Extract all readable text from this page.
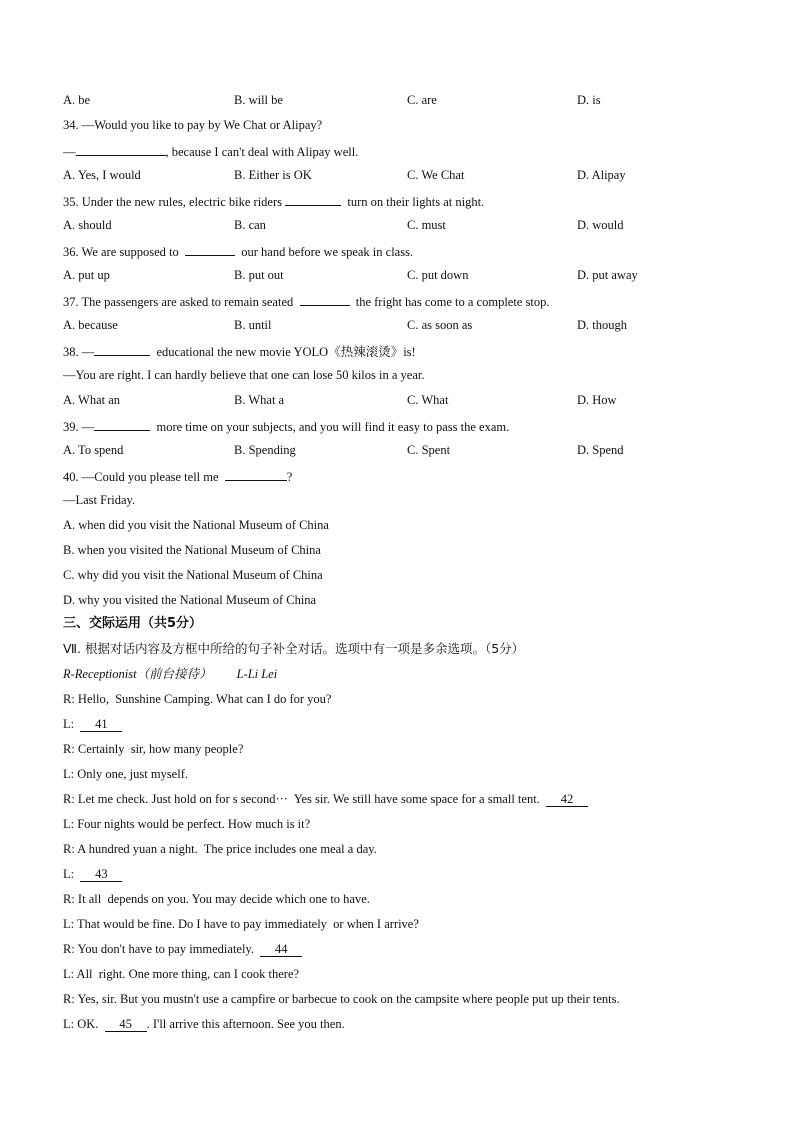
A. be	B. will be	C. are	D. is
34. —Would you like to pay by We Chat or Alipay?
—	, because I can't deal with Alipay well.
A. Yes, I would	B. Either is OK	C. We Chat	D. Alipay
35. Under the new rules, electric bike riders	turn on their lights at night.
A. should	B. can	C. must	D. would
36. We are supposed to	our hand before we speak in class.
A. put up	B. put out	C. put down	D. put away
37. The passengers are asked to remain seated	the fright has come to a complete stop.
A. because	B. until	C. as soon as	D. though
38. —	educational the new movie YOLO《热辣滚烫》is!
—You are right. I can hardly believe that one can lose 50 kilos in a year.
A. What an	B. What a	C. What	D. How
39. —	more time on your subjects, and you will find it easy to pass the exam.
A. To spend	B. Spending	C. Spent	D. Spend
40. —Could you please tell me	?
—Last Friday.
A. when did you visit the National Museum of China
B. when you visited the National Museum of China
C. why did you visit the National Museum of China
D. why you visited the National Museum of China
三、交际运用（共5分）
Ⅶ. 根据对话内容及方框中所给的句子补全对话。选项中有一项是多余选项。（5分）
R-Receptionist（前台接待） L-Li Lei
R: Hello,  Sunshine Camping. What can I do for you?
L: 41
R: Certainly  sir, how many people?
L: Only one, just myself.
R: Let me check. Just hold on for s second···  Yes sir. We still have some space for a small tent. 42
L: Four nights would be perfect. How much is it?
R: A hundred yuan a night.  The price includes one meal a day.
L: 43
R: It all  depends on you. You may decide which one to have.
L: That would be fine. Do I have to pay immediately  or when I arrive?
R: You don't have to pay immediately. 44
L: All  right. One more thing, can I cook there?
R: Yes, sir. But you mustn't use a campfire or barbecue to cook on the campsite where people put up their tents.
L: OK. 45 . I'll arrive this afternoon. See you then.
